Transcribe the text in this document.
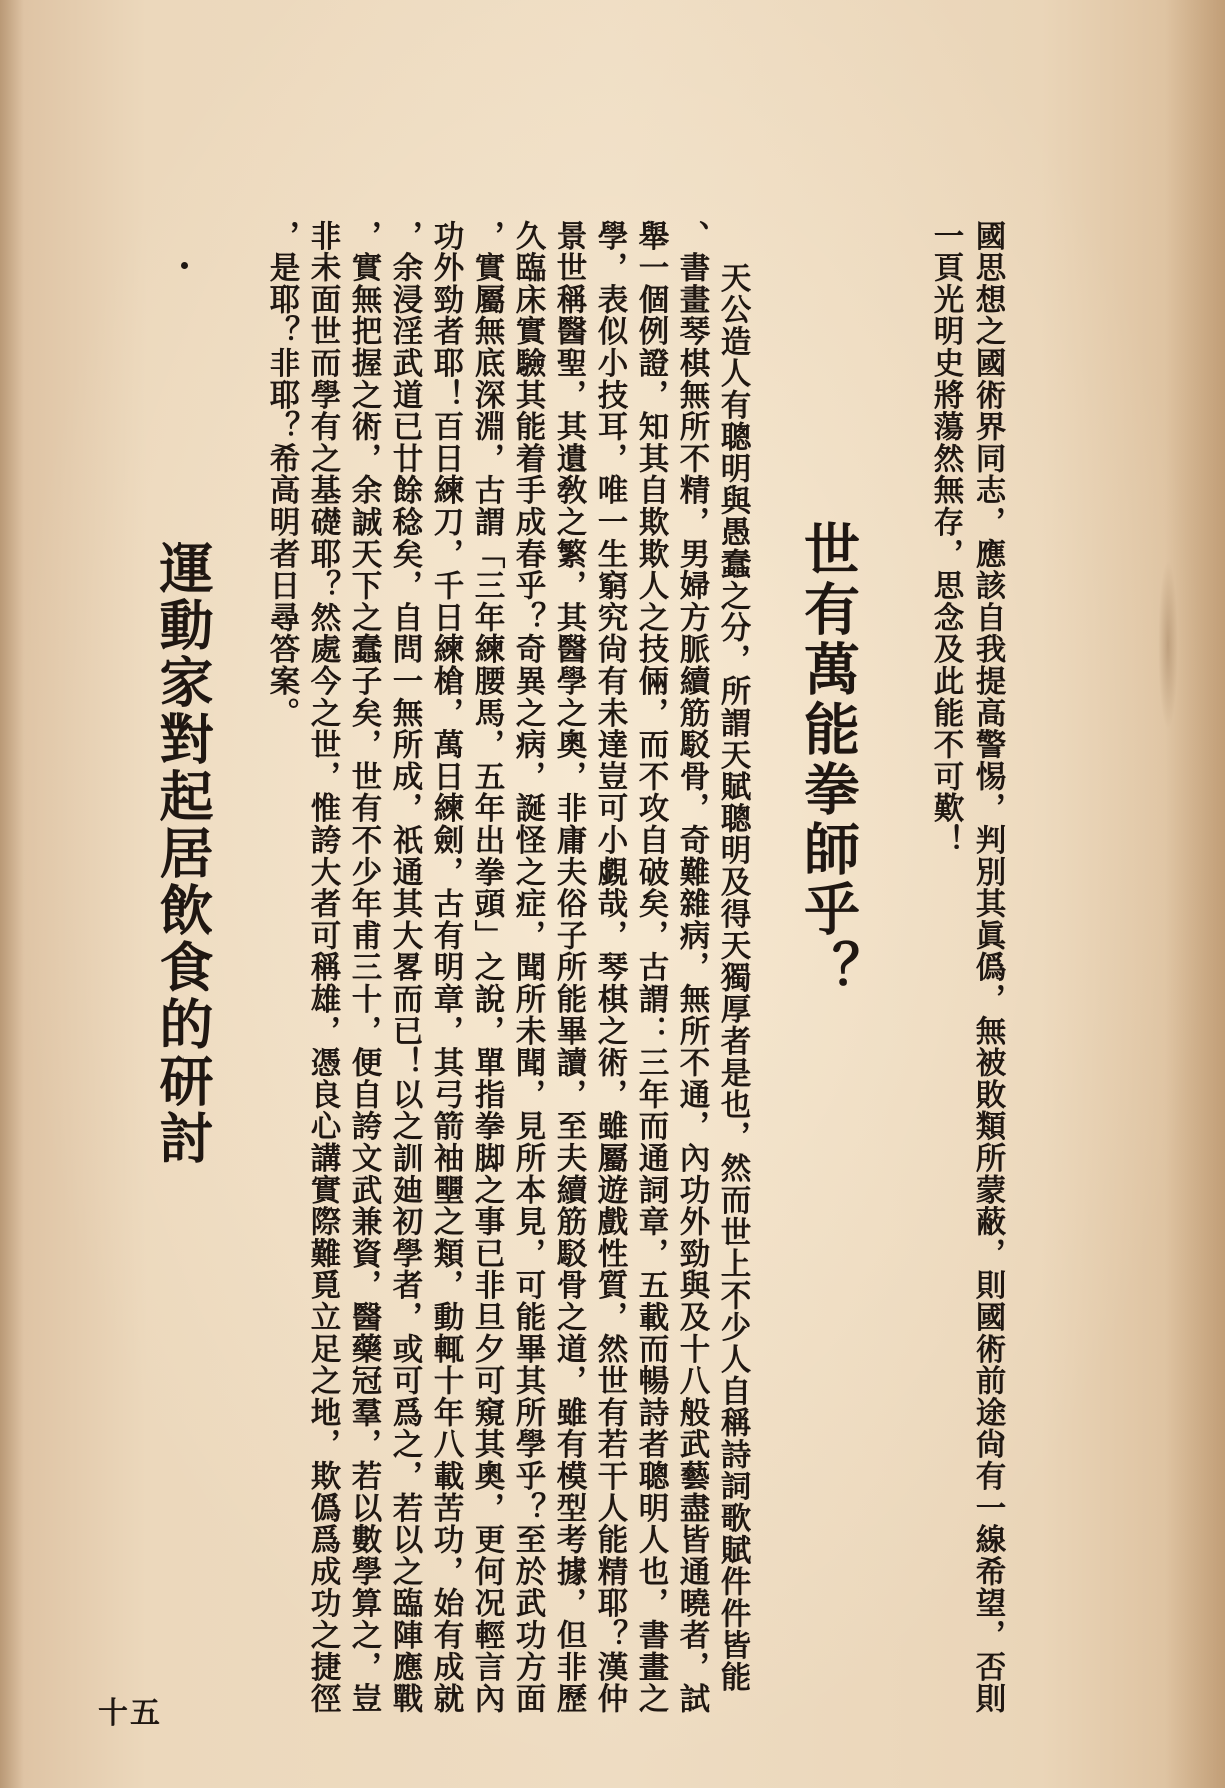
國思想之國術界同志，應該自我提高警惕，判別其眞僞，無被敗類所蒙蔽，則國術前途尙有一線希望，否則
一頁光明史將蕩然無存，思念及此能不可歎！
世有萬能拳師乎？
天公造人有聰明與愚蠢之分，所謂天賦聰明及得天獨厚者是也，然而世上不少人自稱詩詞歌賦件件皆能
、書畫琴棋無所不精，男婦方脈續筋駁骨，奇難雜病，無所不通，內功外勁與及十八般武藝盡皆通曉者，試
舉一個例證，知其自欺欺人之技倆，而不攻自破矣，古謂：三年而通詞章，五載而暢詩者聰明人也，書畫之
學，表似小技耳，唯一生窮究尙有未達豈可小覷哉，琴棋之術，雖屬遊戲性質，然世有若干人能精耶？漢仲
景世稱醫聖，其遺敎之繁，其醫學之奧，非庸夫俗子所能畢讀，至夫續筋駁骨之道，雖有模型考據，但非歷
久臨床實驗其能着手成春乎？奇異之病，誕怪之症，聞所未聞，見所本見，可能畢其所學乎？至於武功方面
，實屬無底深淵，古謂「三年練腰馬，五年出拳頭」之說，單指拳脚之事已非旦夕可窺其奧，更何况輕言內
功外勁者耶！百日練刀，千日練槍，萬日練劍，古有明章，其弓箭袖壨之類，動輒十年八載苦功，始有成就
，余浸淫武道已廿餘稔矣，自問一無所成，祇通其大畧而已！以之訓廸初學者，或可爲之，若以之臨陣應戰
，實無把握之術，余誠天下之蠢子矣，世有不少年甫三十，便自誇文武兼資，醫藥冠羣，若以數學算之，豈
非未面世而學有之基礎耶？然處今之世，惟誇大者可稱雄，憑良心講實際難覓立足之地，欺僞爲成功之捷徑
，是耶？非耶？希高明者日尋答案。
運動家對起居飲食的研討
十五
